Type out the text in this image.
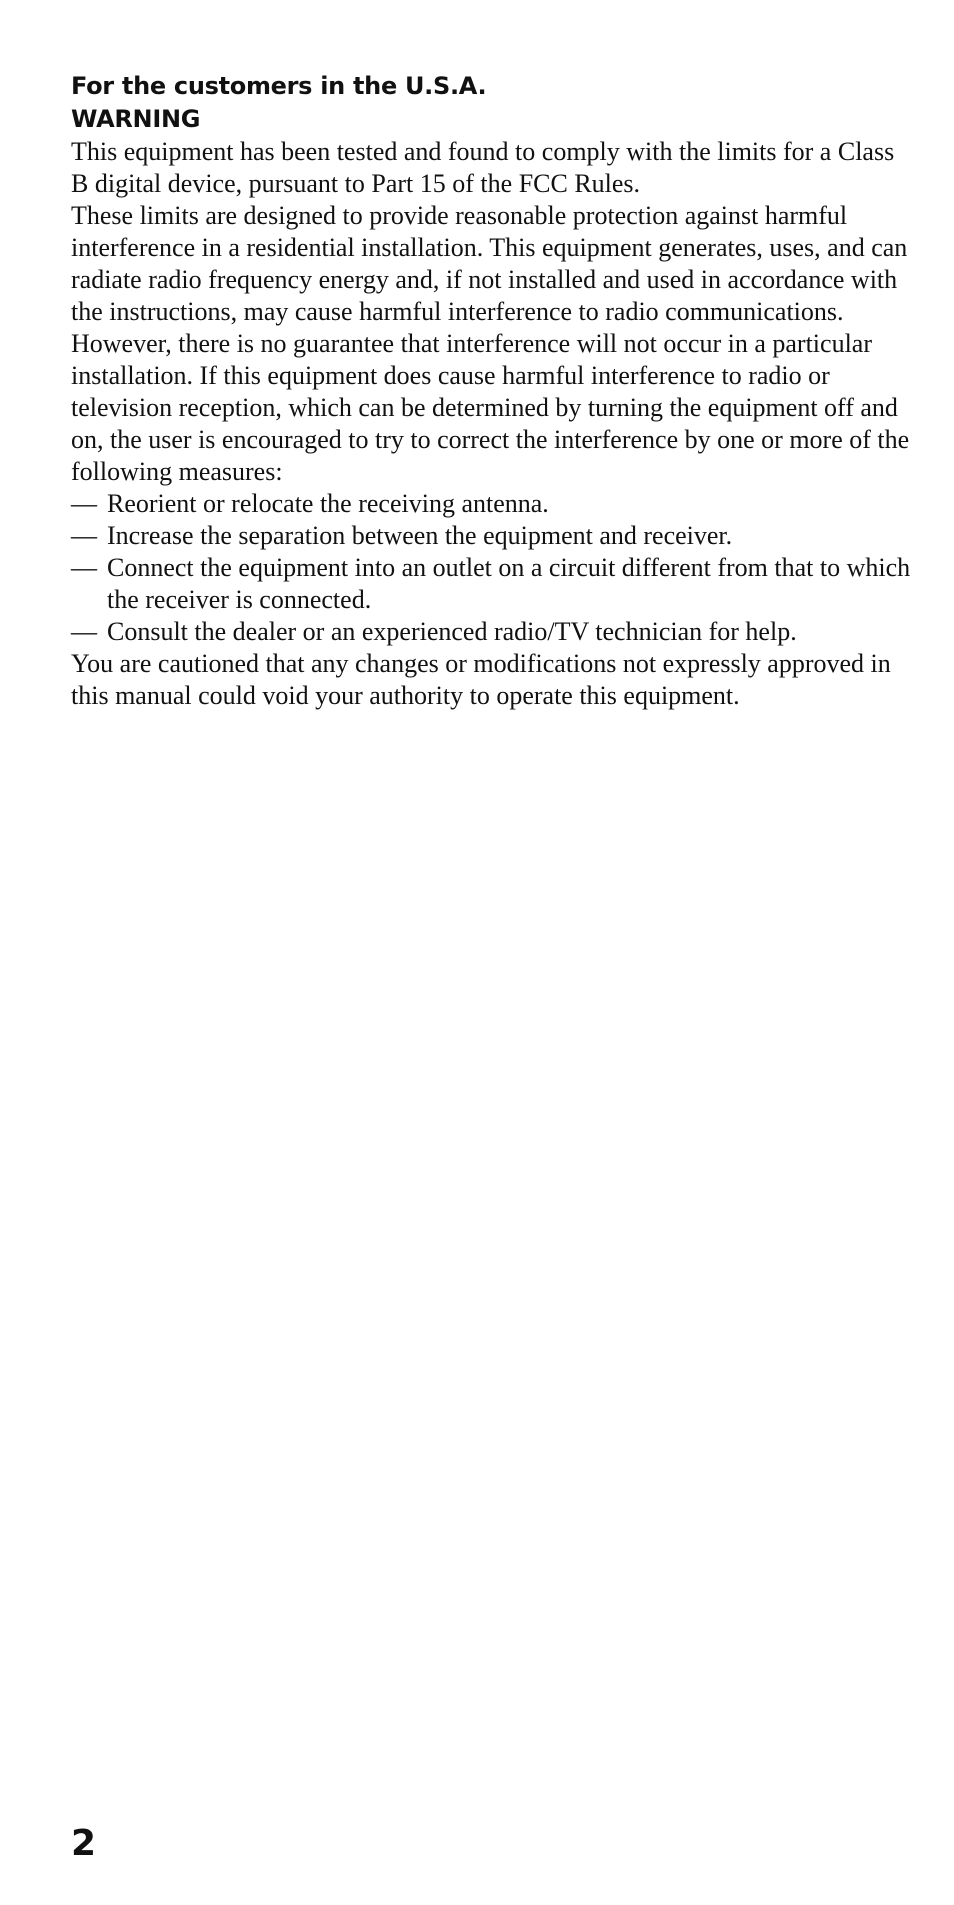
For the customers in the U.S.A.
WARNING

This equipment has been tested and found to comply with the limits for a Class B digital device, pursuant to Part 15 of the FCC Rules.

These limits are designed to provide reasonable protection against harmful interference in a residential installation. This equipment generates, uses, and can radiate radio frequency energy and, if not installed and used in accordance with the instructions, may cause harmful interference to radio communications. However, there is no guarantee that interference will not occur in a particular installation. If this equipment does cause harmful interference to radio or television reception, which can be determined by turning the equipment off and on, the user is encouraged to try to correct the interference by one or more of the following measures:

— Reorient or relocate the receiving antenna.
— Increase the separation between the equipment and receiver.
— Connect the equipment into an outlet on a circuit different from that to which the receiver is connected.
— Consult the dealer or an experienced radio/TV technician for help.

You are cautioned that any changes or modifications not expressly approved in this manual could void your authority to operate this equipment.

2
